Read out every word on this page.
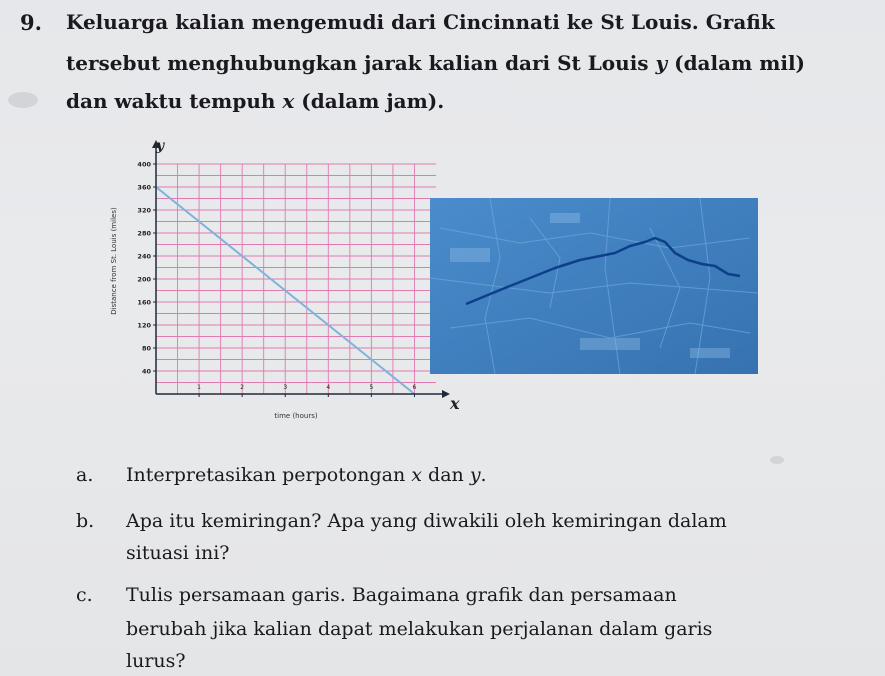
9. Keluarga kalian mengemudi dari Cincinnati ke St Louis. Grafik
tersebut menghubungkan jarak kalian dari St Louis y (dalam mil)
dan waktu tempuh x (dalam jam).
40
80
120
160
200
240
280
320
360
400
1	2	3	4	5	6
y
x
time (hours)
Distance from St. Louis (miles)
a. Interpretasikan perpotongan x dan y.
b. Apa itu kemiringan? Apa yang diwakili oleh kemiringan dalam
situasi ini?
c. Tulis persamaan garis. Bagaimana grafik dan persamaan
berubah jika kalian dapat melakukan perjalanan dalam garis
lurus?
